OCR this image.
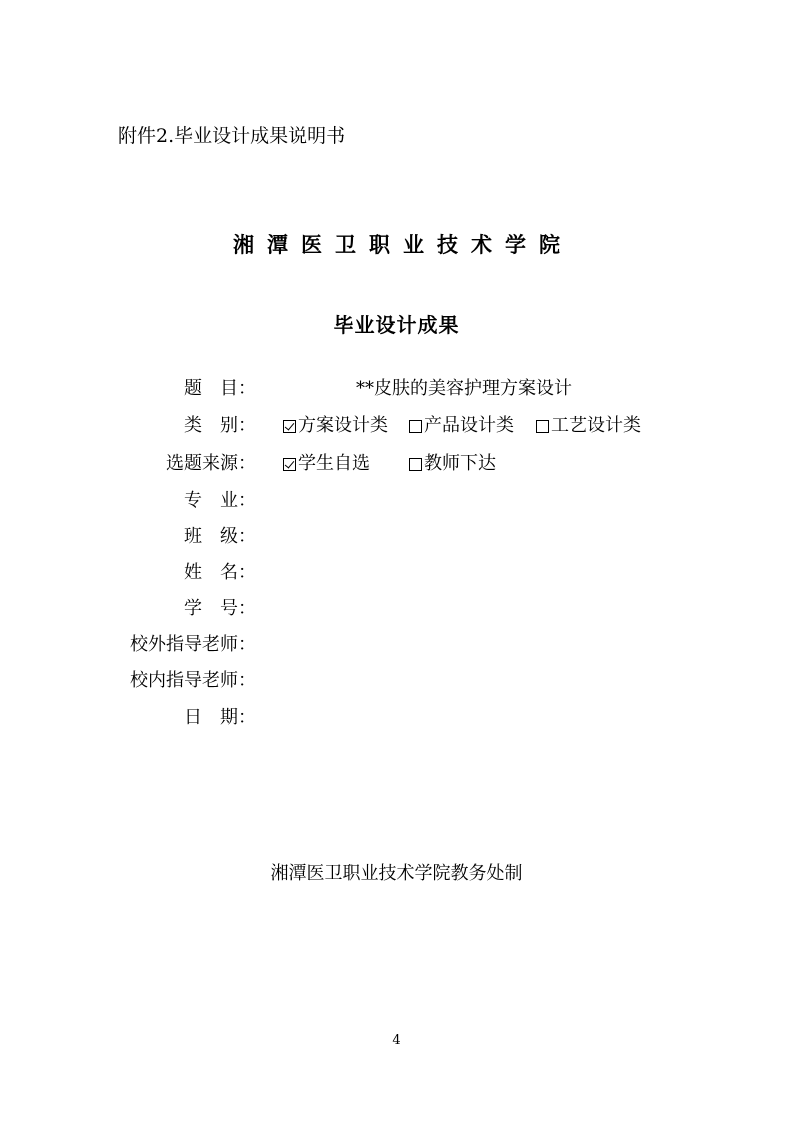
附件2.毕业设计成果说明书
湘潭医卫职业技术学院
毕业设计成果
题　目：	**皮肤的美容护理方案设计
类　别： 方案设计类 产品设计类 工艺设计类
选题来源： 学生自选	教师下达
专　业：
班　级：
姓　名：
学　号：
校外指导老师：
校内指导老师：
日　期：
湘潭医卫职业技术学院教务处制
4
